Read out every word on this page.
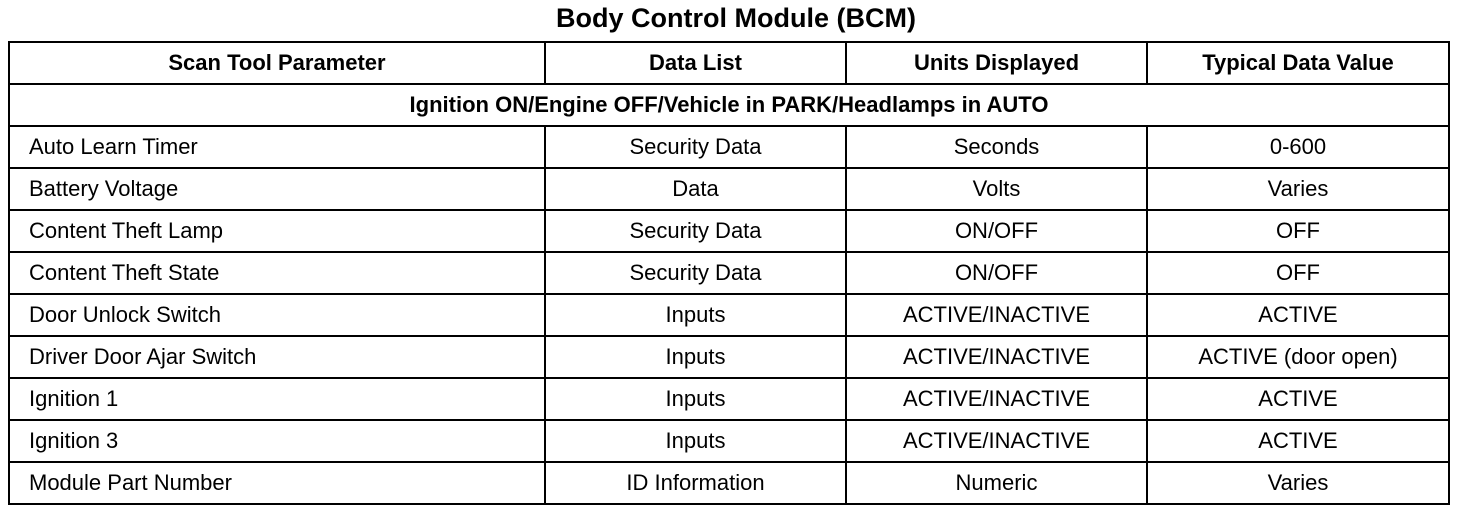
Body Control Module (BCM)
Scan Tool Parameter	Data List	Units Displayed	Typical Data Value
Ignition ON/Engine OFF/Vehicle in PARK/Headlamps in AUTO			
Auto Learn Timer	Security Data	Seconds	0-600
Battery Voltage	Data	Volts	Varies
Content Theft Lamp	Security Data	ON/OFF	OFF
Content Theft State	Security Data	ON/OFF	OFF
Door Unlock Switch	Inputs	ACTIVE/INACTIVE	ACTIVE
Driver Door Ajar Switch	Inputs	ACTIVE/INACTIVE	ACTIVE (door open)
Ignition 1	Inputs	ACTIVE/INACTIVE	ACTIVE
Ignition 3	Inputs	ACTIVE/INACTIVE	ACTIVE
Module Part Number	ID Information	Numeric	Varies
